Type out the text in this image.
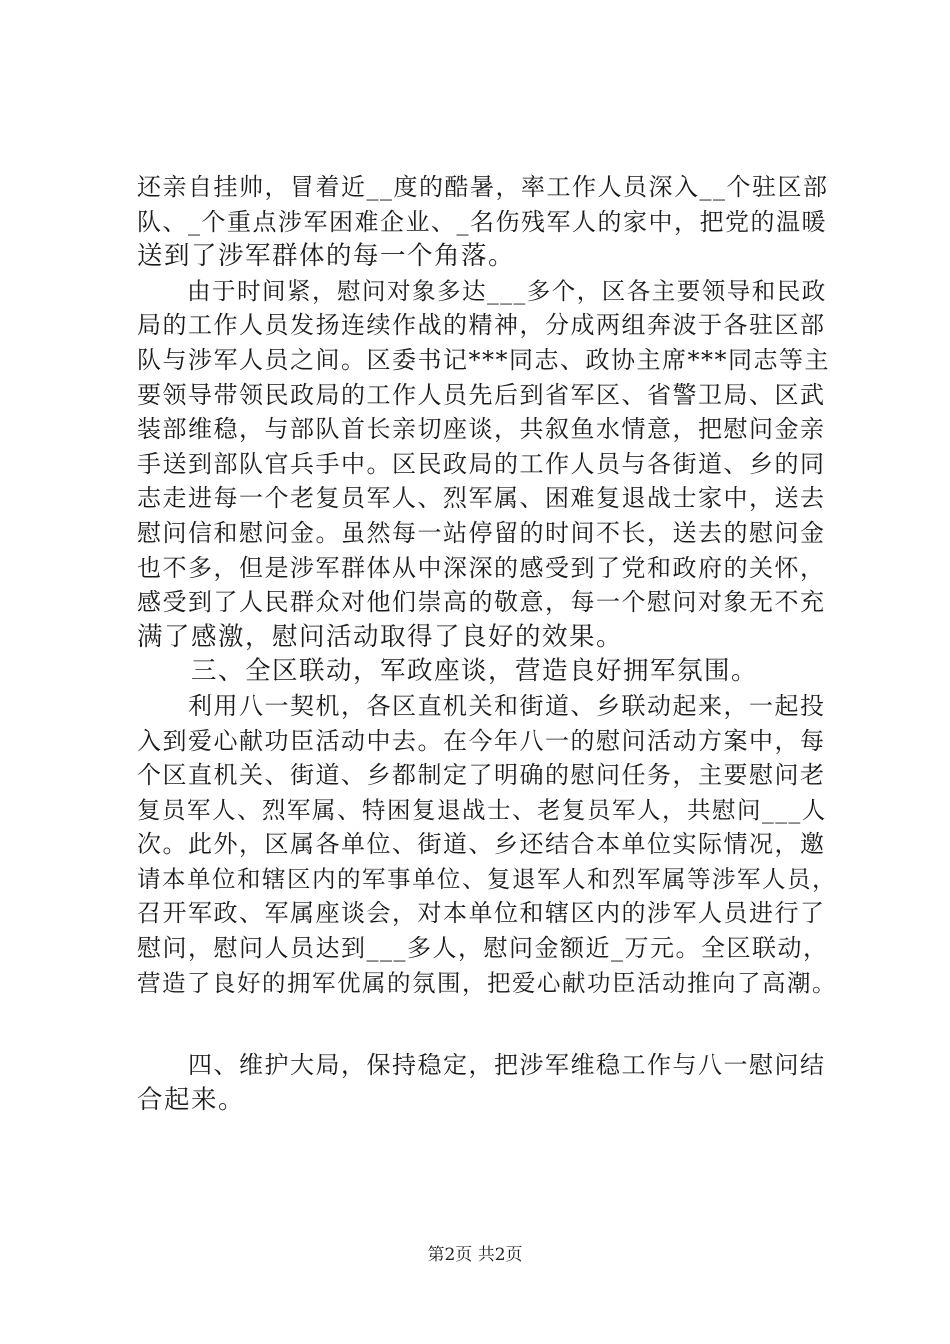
还亲自挂帅，冒着近__度的酷暑，率工作人员深入__个驻区部
队、_个重点涉军困难企业、_名伤残军人的家中，把党的温暖
送到了涉军群体的每一个角落。
　　由于时间紧，慰问对象多达___多个，区各主要领导和民政
局的工作人员发扬连续作战的精神，分成两组奔波于各驻区部
队与涉军人员之间。区委书记***同志、政协主席***同志等主
要领导带领民政局的工作人员先后到省军区、省警卫局、区武
装部维稳，与部队首长亲切座谈，共叙鱼水情意，把慰问金亲
手送到部队官兵手中。区民政局的工作人员与各街道、乡的同
志走进每一个老复员军人、烈军属、困难复退战士家中，送去
慰问信和慰问金。虽然每一站停留的时间不长，送去的慰问金
也不多，但是涉军群体从中深深的感受到了党和政府的关怀，
感受到了人民群众对他们崇高的敬意，每一个慰问对象无不充
满了感激，慰问活动取得了良好的效果。
　　三、全区联动，军政座谈，营造良好拥军氛围。
　　利用八一契机，各区直机关和街道、乡联动起来，一起投
入到爱心献功臣活动中去。在今年八一的慰问活动方案中，每
个区直机关、街道、乡都制定了明确的慰问任务，主要慰问老
复员军人、烈军属、特困复退战士、老复员军人，共慰问___人
次。此外，区属各单位、街道、乡还结合本单位实际情况，邀
请本单位和辖区内的军事单位、复退军人和烈军属等涉军人员，
召开军政、军属座谈会，对本单位和辖区内的涉军人员进行了
慰问，慰问人员达到___多人，慰问金额近_万元。全区联动，
营造了良好的拥军优属的氛围，把爱心献功臣活动推向了高潮。
　　四、维护大局，保持稳定，把涉军维稳工作与八一慰问结
合起来。
第2页 共2页
